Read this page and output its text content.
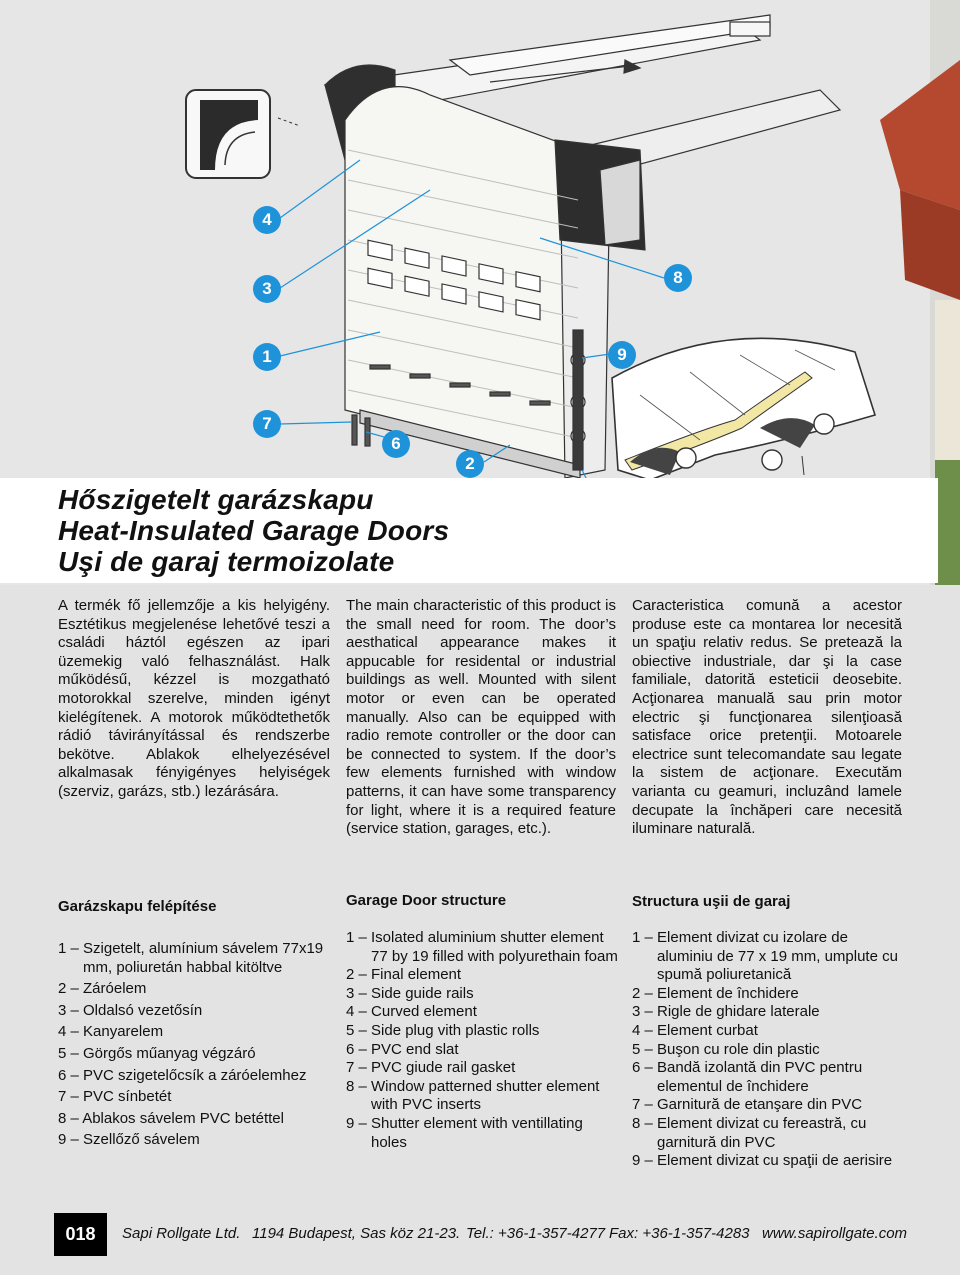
4
3
1
7
6
2
8
9
Hőszigetelt garázskapu
Heat-Insulated Garage Doors
Uşi de garaj termoizolate

A termék fő jellemzője a kis helyigény. Esztétikus megjelenése lehetővé teszi a családi háztól egészen az ipari üzemekig való felhasználást. Halk működésű, kézzel is mozgatható motorokkal szerelve, minden igényt kielégítenek. A motorok működtethetők rádió távirányítással és rendszerbe bekötve. Ablakok elhelyezésével alkalmasak fényigényes helyiségek (szerviz, garázs, stb.) lezárására.

The main characteristic of this product is the small need for room. The door’s aesthatical appearance makes it appucable for residental or industrial buildings as well. Mounted with silent motor or even can be operated manually. Also can be equipped with radio remote controller or the door can be connected to system. If the door’s few elements furnished with window patterns, it can have some transparency for light, where it is a required feature (service station, garages, etc.).

Caracteristica comună a acestor produse este ca montarea lor necesită un spaţiu relativ redus. Se pretează la obiective industriale, dar şi la case familiale, datorită esteticii deosebite. Acţionarea manuală sau prin motor electric şi funcţionarea silenţioasă satisface orice pretenţii. Motoarele electrice sunt telecomandate sau legate la sistem de acţionare. Executăm varianta cu geamuri, incluzând lamele decupate la închăperi care necesită iluminare naturală.

Garázskapu felépítése	Garage Door structure	Structura uşii de garaj
1 – Szigetelt, alumínium sávelem 77x19 mm, poliuretán habbal kitöltve
2 – Záróelem
3 – Oldalsó vezetősín
4 – Kanyarelem
5 – Görgős műanyag végzáró
6 – PVC szigetelőcsík a záróelemhez
7 – PVC sínbetét
8 – Ablakos sávelem PVC betéttel
9 – Szellőző sávelem
1 – Isolated aluminium shutter element 77 by 19 filled with polyurethain foam
2 – Final element
3 – Side guide rails
4 – Curved element
5 – Side plug vith plastic rolls
6 – PVC end slat
7 – PVC giude rail gasket
8 – Window patterned shutter element with PVC inserts
9 – Shutter element with ventillating holes
1 – Element divizat cu izolare de aluminiu de 77 x 19 mm, umplute cu spumă poliuretanică
2 – Element de închidere
3 – Rigle de ghidare laterale
4 – Element curbat
5 – Buşon cu role din plastic
6 – Bandă izolantă din PVC pentru elementul de închidere
7 – Garnitură de etanşare din PVC
8 – Element divizat cu fereastră, cu garnitură din PVC
9 – Element divizat cu spaţii de aerisire
018	Sapi Rollgate Ltd. 1194 Budapest, Sas köz 21-23. Tel.: +36-1-357-4277 Fax: +36-1-357-4283 www.sapirollgate.com
